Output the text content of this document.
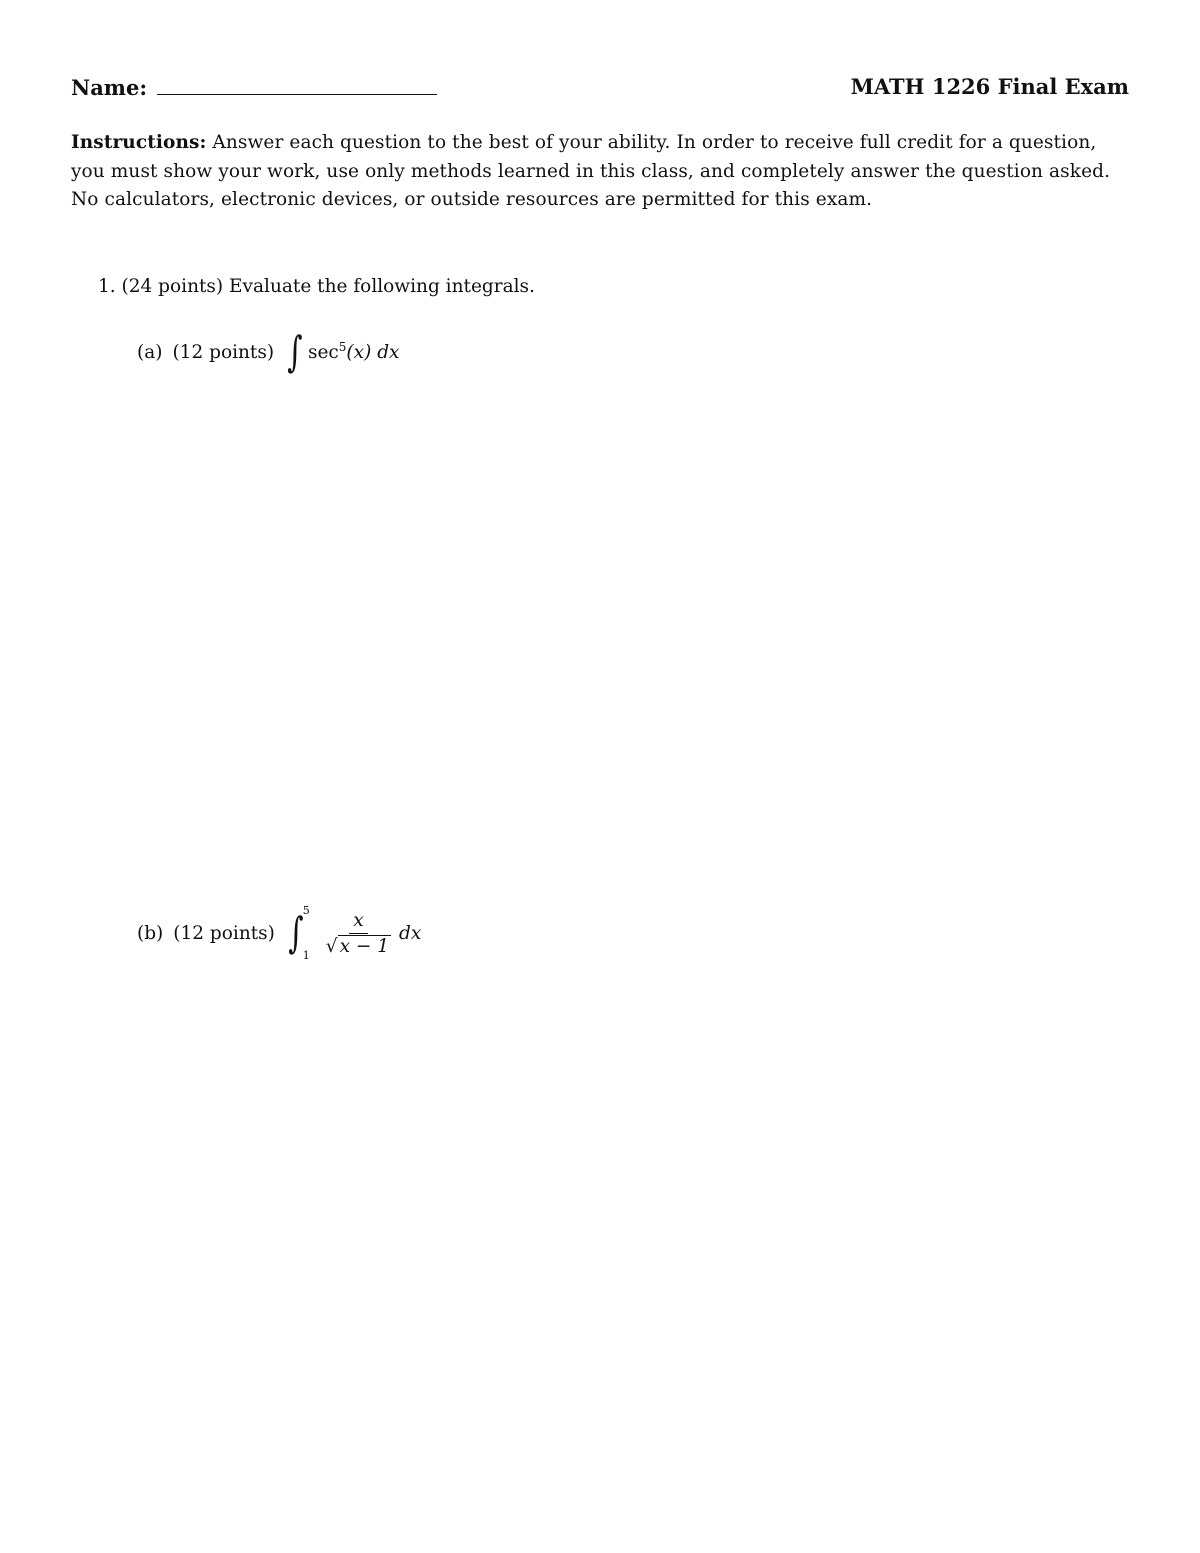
Name:	MATH 1226 Final Exam
Instructions: Answer each question to the best of your ability. In order to receive full credit for a question, you must show your work, use only methods learned in this class, and completely answer the question asked. No calculators, electronic devices, or outside resources are permitted for this exam.
1. (24 points) Evaluate the following integrals.
(a) (12 points) ∫ $\sec^5(x)$ dx
(b) (12 points) ∫ 5
$1 \frac{x}{√ x - 1}$ dx
